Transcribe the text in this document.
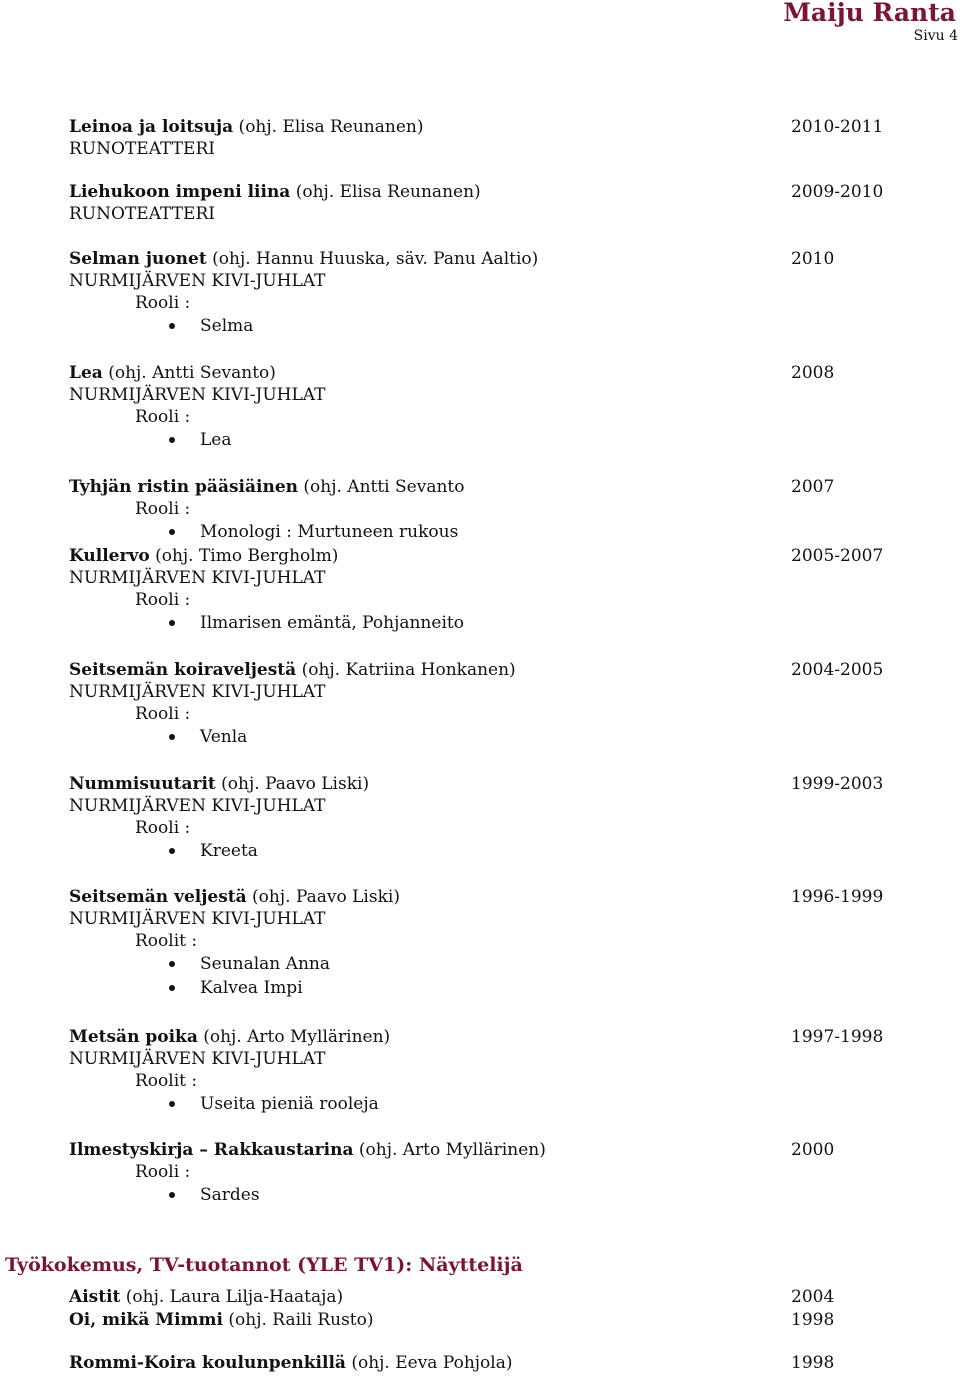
Maiju Ranta
Sivu 4
Leinoa ja loitsuja (ohj. Elisa Reunanen)	2010-2011
RUNOTEATTERI
Liehukoon impeni liina (ohj. Elisa Reunanen)	2009-2010
RUNOTEATTERI
Selman juonet (ohj. Hannu Huuska, säv. Panu Aaltio)	2010
NURMIJÄRVEN KIVI-JUHLAT
Rooli :
Selma
Lea (ohj. Antti Sevanto)	2008
NURMIJÄRVEN KIVI-JUHLAT
Rooli :
Lea
Tyhjän ristin pääsiäinen (ohj. Antti Sevanto	2007
Rooli :
Monologi : Murtuneen rukous
Kullervo (ohj. Timo Bergholm)	2005-2007
NURMIJÄRVEN KIVI-JUHLAT
Rooli :
Ilmarisen emäntä, Pohjanneito
Seitsemän koiraveljestä (ohj. Katriina Honkanen)	2004-2005
NURMIJÄRVEN KIVI-JUHLAT
Rooli :
Venla
Nummisuutarit (ohj. Paavo Liski)	1999-2003
NURMIJÄRVEN KIVI-JUHLAT
Rooli :
Kreeta
Seitsemän veljestä (ohj. Paavo Liski)	1996-1999
NURMIJÄRVEN KIVI-JUHLAT
Roolit :
Seunalan Anna
Kalvea Impi
Metsän poika (ohj. Arto Myllärinen)	1997-1998
NURMIJÄRVEN KIVI-JUHLAT
Roolit :
Useita pieniä rooleja
Ilmestyskirja – Rakkaustarina (ohj. Arto Myllärinen)	2000
Rooli :
Sardes
Työkokemus, TV-tuotannot (YLE TV1): Näyttelijä
Aistit (ohj. Laura Lilja-Haataja)	2004
Oi, mikä Mimmi (ohj. Raili Rusto)	1998
Rommi-Koira koulunpenkillä (ohj. Eeva Pohjola)	1998
